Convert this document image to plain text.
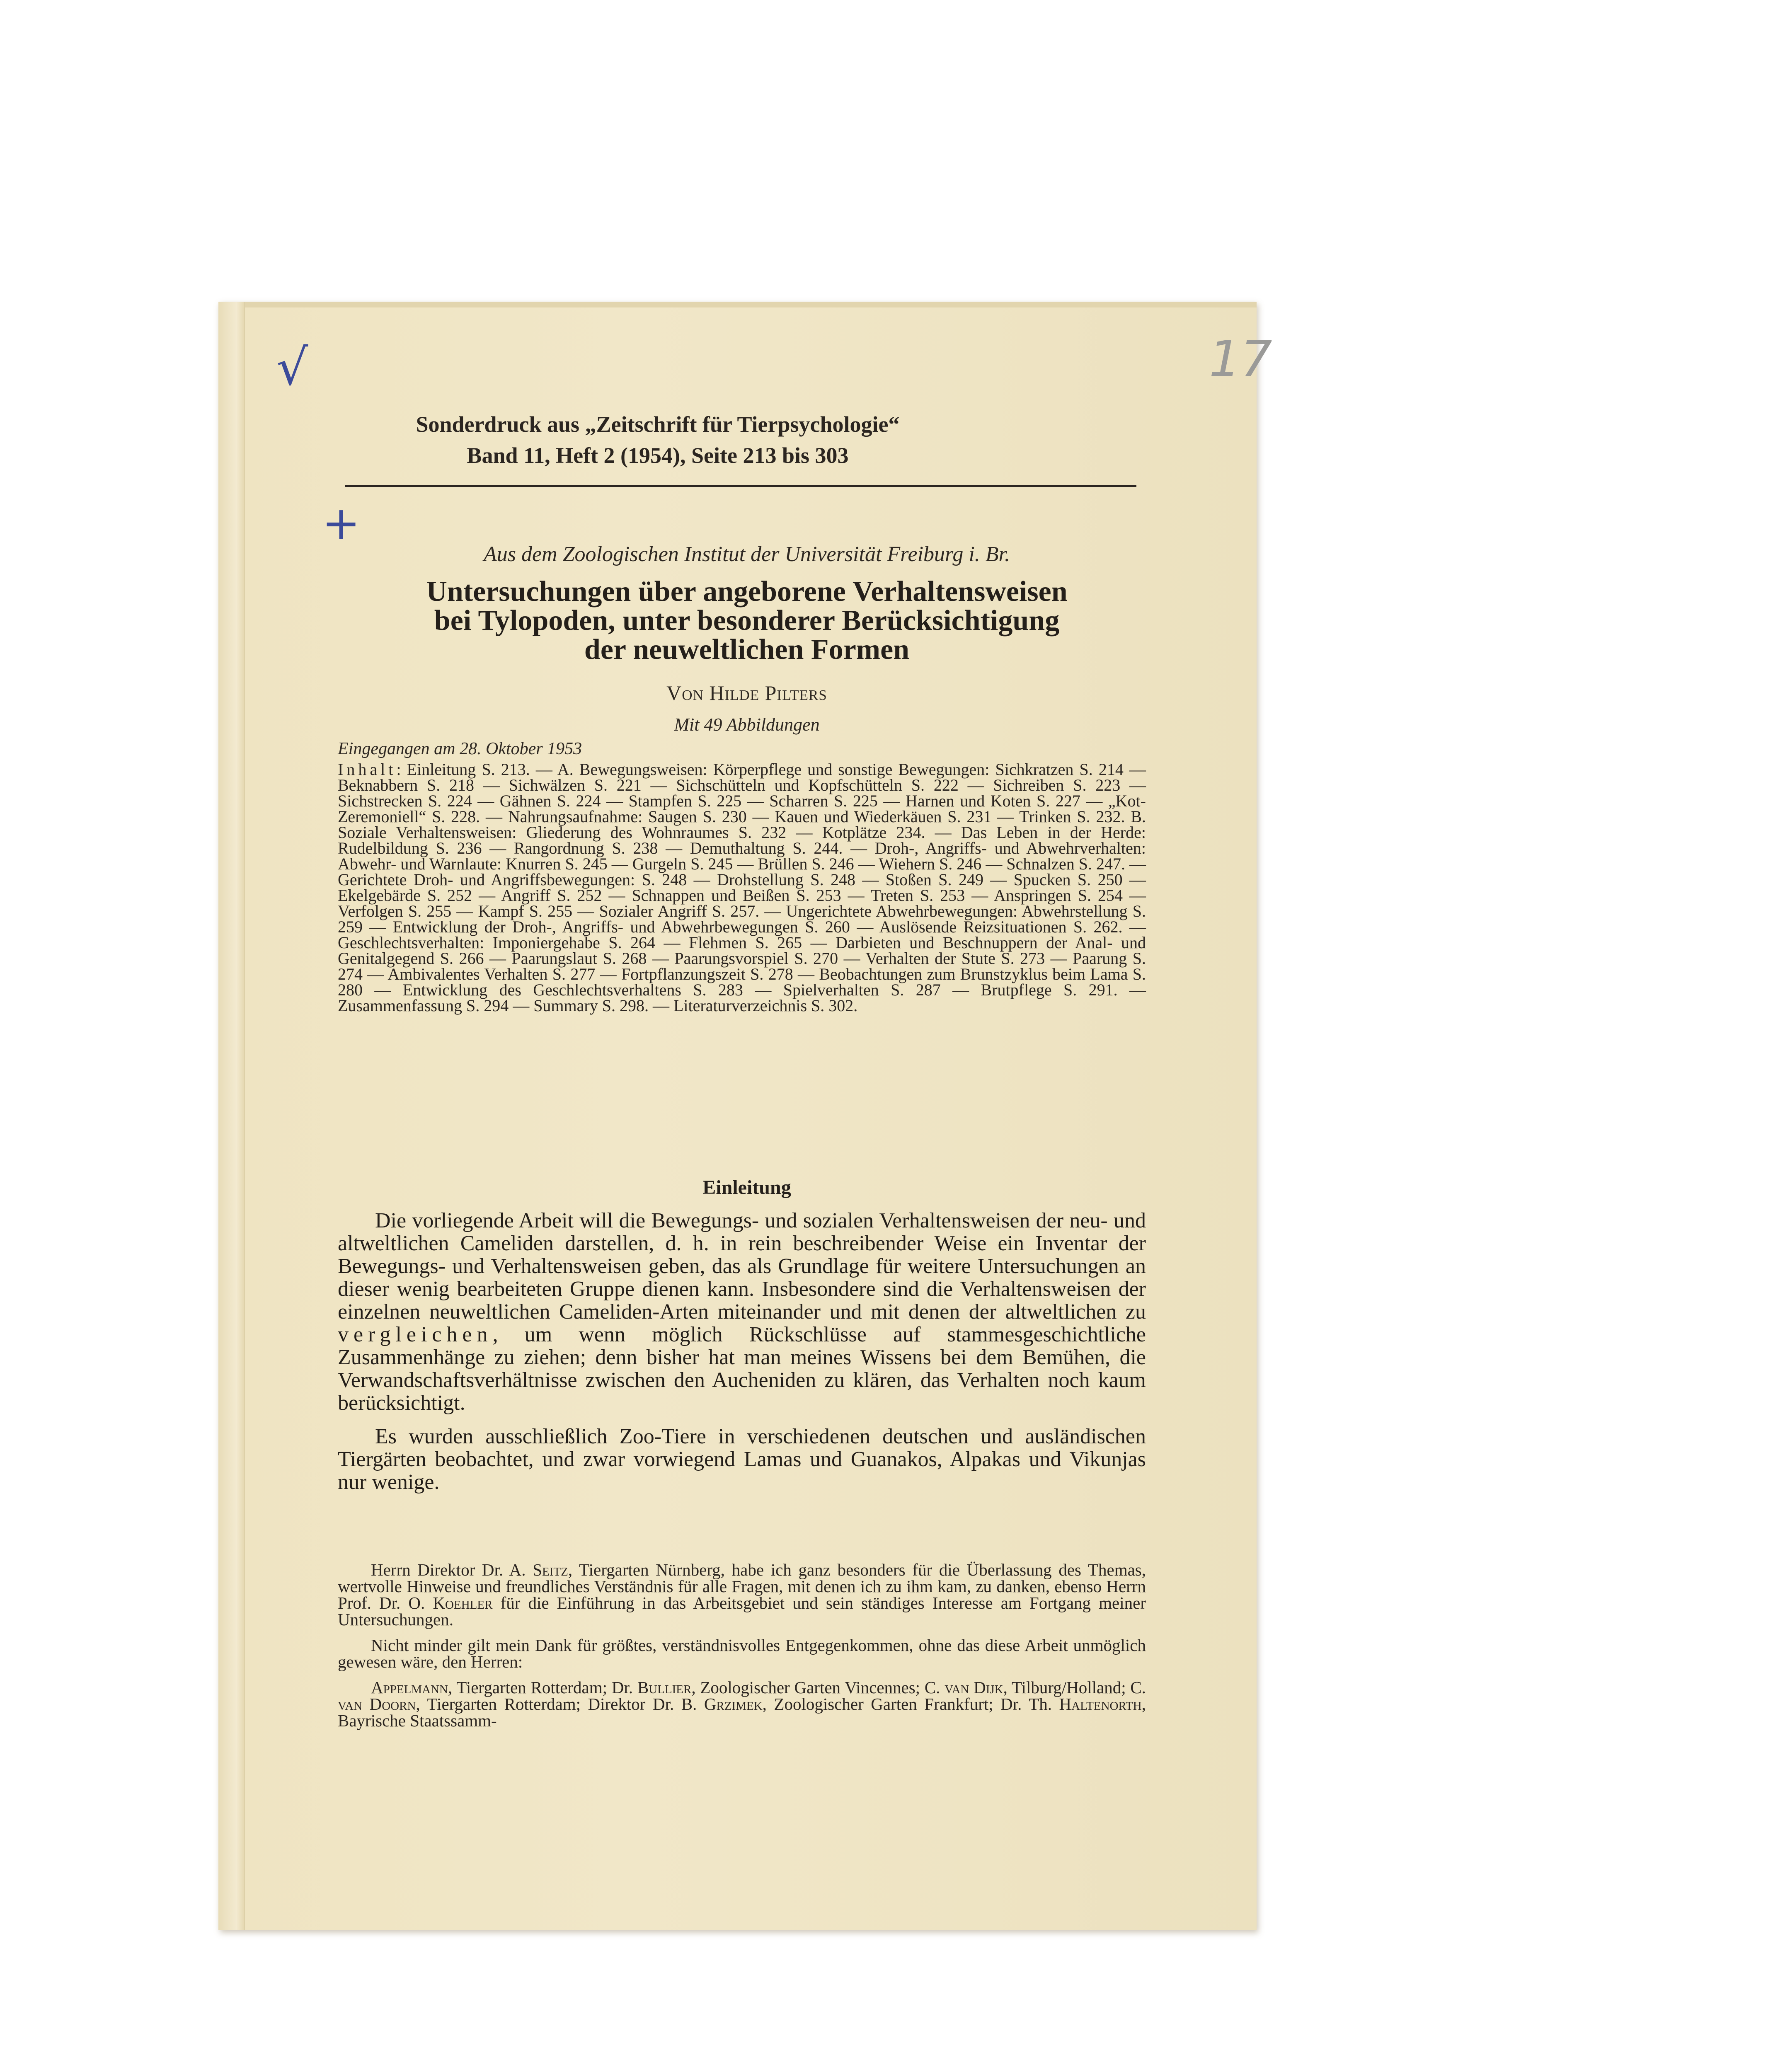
√	17
+
Sonderdruck aus „Zeitschrift für Tierpsychologie“
Band 11, Heft 2 (1954), Seite 213 bis 303
Aus dem Zoologischen Institut der Universität Freiburg i. Br.
Untersuchungen über angeborene Verhaltensweisen
bei Tylopoden, unter besonderer Berücksichtigung
der neuweltlichen Formen
Von Hilde Pilters
Mit 49 Abbildungen
Eingegangen am 28. Oktober 1953
Inhalt: Einleitung S. 213. — A. Bewegungsweisen: Körperpflege und sonstige Bewegungen: Sichkratzen S. 214 — Beknabbern S. 218 — Sichwälzen S. 221 — Sichschütteln und Kopfschütteln S. 222 — Sichreiben S. 223 — Sichstrecken S. 224 — Gähnen S. 224 — Stampfen S. 225 — Scharren S. 225 — Harnen und Koten S. 227 — „Kot-Zeremoniell“ S. 228. — Nahrungsaufnahme: Saugen S. 230 — Kauen und Wiederkäuen S. 231 — Trinken S. 232. B. Soziale Verhaltensweisen: Gliederung des Wohnraumes S. 232 — Kotplätze 234. — Das Leben in der Herde: Rudelbildung S. 236 — Rangordnung S. 238 — Demuthaltung S. 244. — Droh-, Angriffs- und Abwehrverhalten: Abwehr- und Warnlaute: Knurren S. 245 — Gurgeln S. 245 — Brüllen S. 246 — Wiehern S. 246 — Schnalzen S. 247. — Gerichtete Droh- und Angriffsbewegungen: S. 248 — Drohstellung S. 248 — Stoßen S. 249 — Spucken S. 250 — Ekelgebärde S. 252 — Angriff S. 252 — Schnappen und Beißen S. 253 — Treten S. 253 — Anspringen S. 254 — Verfolgen S. 255 — Kampf S. 255 — Sozialer Angriff S. 257. — Ungerichtete Abwehrbewegungen: Abwehrstellung S. 259 — Entwicklung der Droh-, Angriffs- und Abwehrbewegungen S. 260 — Auslösende Reizsituationen S. 262. — Geschlechtsverhalten: Imponiergehabe S. 264 — Flehmen S. 265 — Darbieten und Beschnuppern der Anal- und Genitalgegend S. 266 — Paarungslaut S. 268 — Paarungsvorspiel S. 270 — Verhalten der Stute S. 273 — Paarung S. 274 — Ambivalentes Verhalten S. 277 — Fortpflanzungszeit S. 278 — Beobachtungen zum Brunstzyklus beim Lama S. 280 — Entwicklung des Geschlechtsverhaltens S. 283 — Spielverhalten S. 287 — Brutpflege S. 291. — Zusammenfassung S. 294 — Summary S. 298. — Literaturverzeichnis S. 302.
Einleitung

Die vorliegende Arbeit will die Bewegungs- und sozialen Verhaltensweisen der neu- und altweltlichen Cameliden darstellen, d. h. in rein beschreibender Weise ein Inventar der Bewegungs- und Verhaltensweisen geben, das als Grundlage für weitere Untersuchungen an dieser wenig bearbeiteten Gruppe dienen kann. Insbesondere sind die Verhaltensweisen der einzelnen neuweltlichen Cameliden-Arten miteinander und mit denen der altweltlichen zu vergleichen, um wenn möglich Rückschlüsse auf stammesgeschichtliche Zusammenhänge zu ziehen; denn bisher hat man meines Wissens bei dem Bemühen, die Verwandschaftsverhältnisse zwischen den Aucheniden zu klären, das Verhalten noch kaum berücksichtigt.

Es wurden ausschließlich Zoo-Tiere in verschiedenen deutschen und ausländischen Tiergärten beobachtet, und zwar vorwiegend Lamas und Guanakos, Alpakas und Vikunjas nur wenige.

Herrn Direktor Dr. A. Seitz, Tiergarten Nürnberg, habe ich ganz besonders für die Überlassung des Themas, wertvolle Hinweise und freundliches Verständnis für alle Fragen, mit denen ich zu ihm kam, zu danken, ebenso Herrn Prof. Dr. O. Koehler für die Einführung in das Arbeitsgebiet und sein ständiges Interesse am Fortgang meiner Untersuchungen.

Nicht minder gilt mein Dank für größtes, verständnisvolles Entgegenkommen, ohne das diese Arbeit unmöglich gewesen wäre, den Herren:

Appelmann, Tiergarten Rotterdam; Dr. Bullier, Zoologischer Garten Vincennes; C. van Dijk, Tilburg/Holland; C. van Doorn, Tiergarten Rotterdam; Direktor Dr. B. Grzimek, Zoologischer Garten Frankfurt; Dr. Th. Haltenorth, Bayrische Staatssamm-
